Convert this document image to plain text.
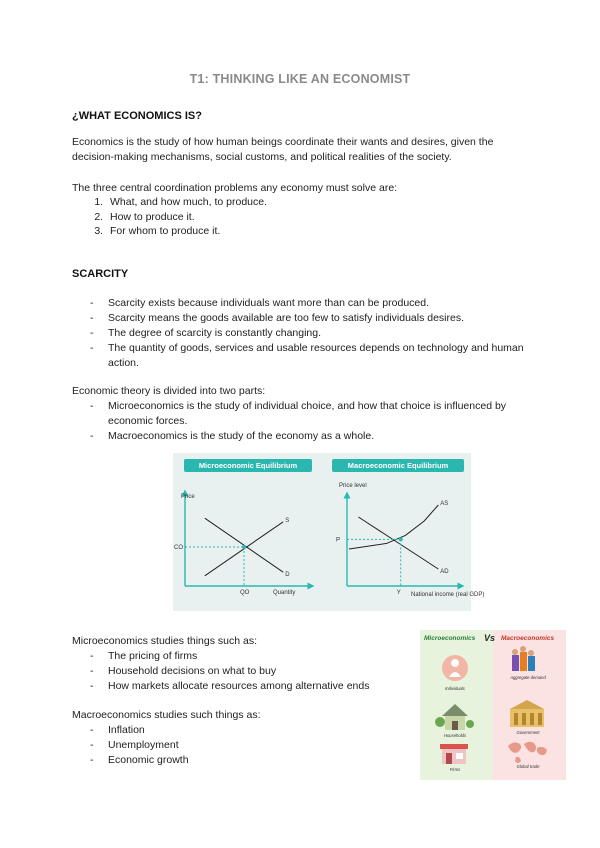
T1: THINKING LIKE AN ECONOMIST
¿WHAT ECONOMICS IS?
Economics is the study of how human beings coordinate their wants and desires, given the decision-making mechanisms, social customs, and political realities of the society.
The three central coordination problems any economy must solve are:
1. What, and how much, to produce.
2. How to produce it.
3. For whom to produce it.
SCARCITY
- Scarcity exists because individuals want more than can be produced.
- Scarcity means the goods available are too few to satisfy individuals desires.
- The degree of scarcity is constantly changing.
- The quantity of goods, services and usable resources depends on technology and human action.
Economic theory is divided into two parts:
- Microeconomics is the study of individual choice, and how that choice is influenced by economic forces.
- Macroeconomics is the study of the economy as a whole.
Microeconomic Equilibrium	Macroeconomic Equilibrium
Price
Quantity
Price level
National income (real GDP)
S
D
CO
QO
AS
AD
P
Y
Microeconomics studies things such as:
- The pricing of firms
- Household decisions on what to buy
- How markets allocate resources among alternative ends
Macroeconomics studies such things as:
- Inflation
- Unemployment
- Economic growth
Microeconomics Vs Macroeconomics
Individuals
Households
Firms
Aggregate demand
Government
Global trade
